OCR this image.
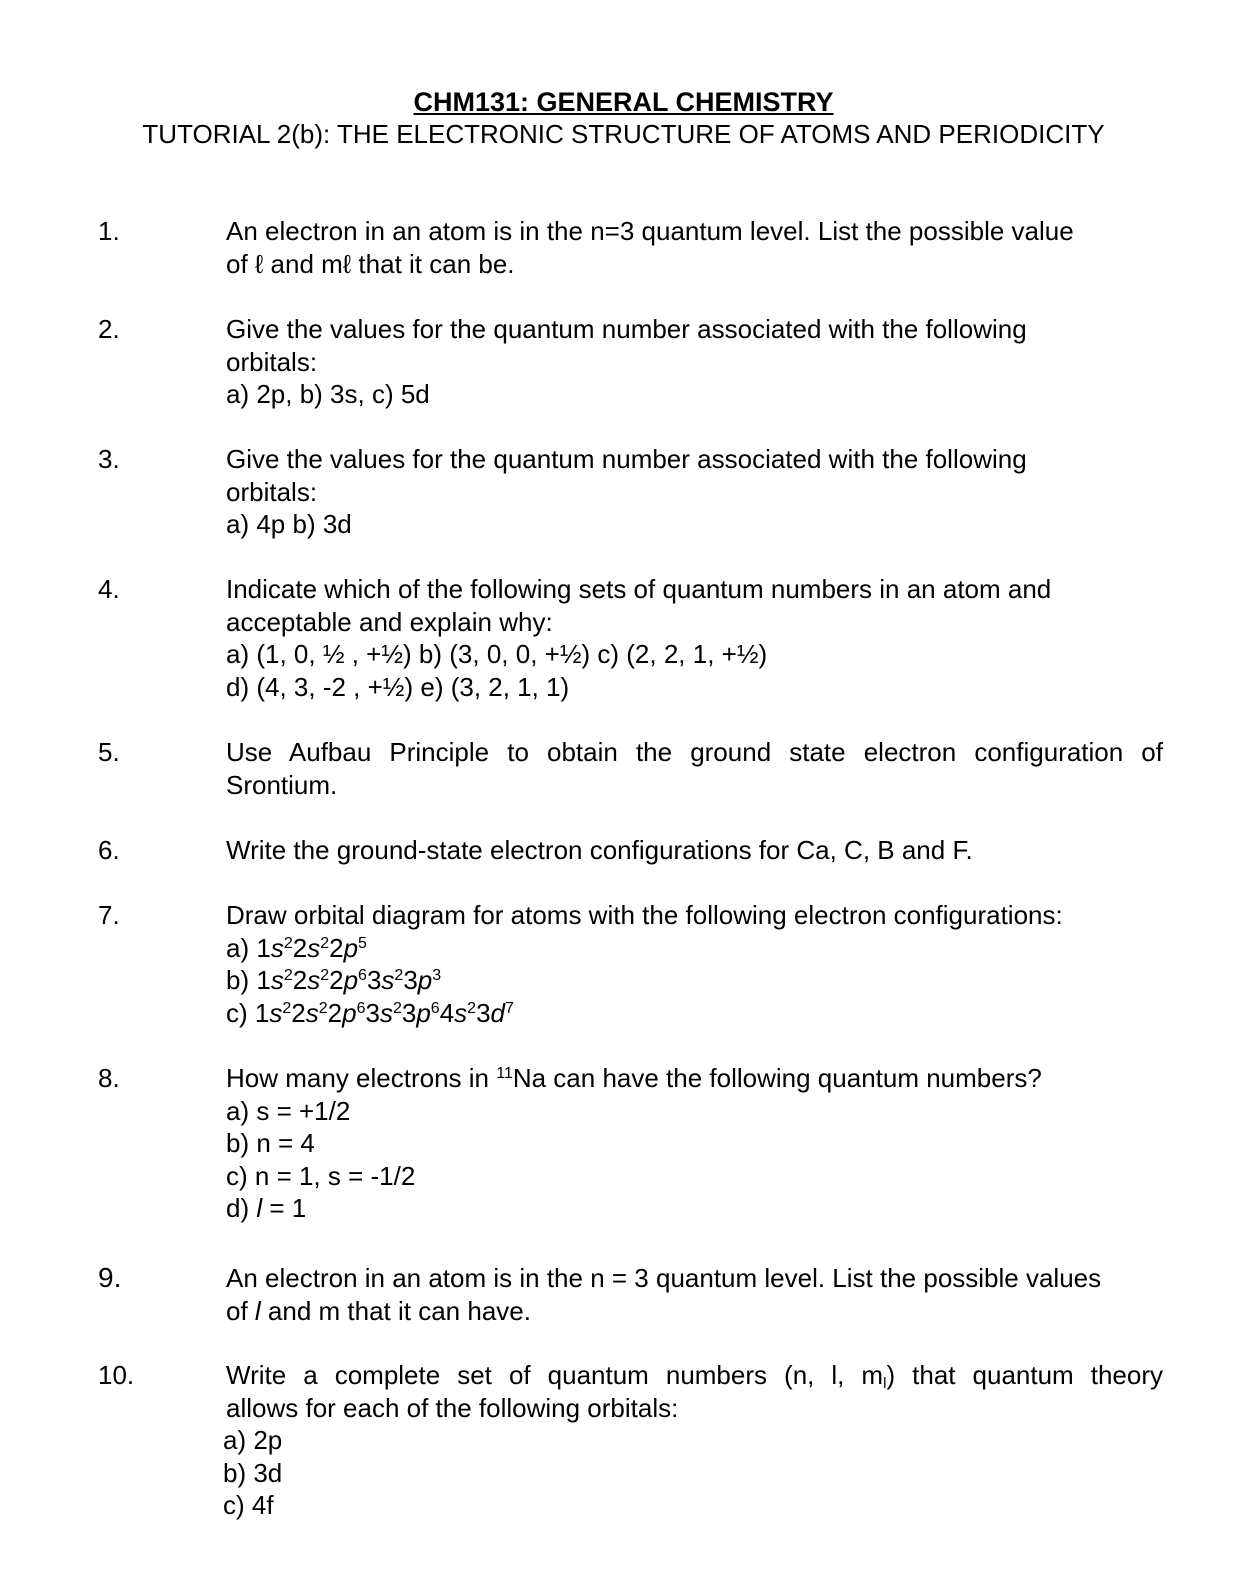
CHM131: GENERAL CHEMISTRY
TUTORIAL 2(b): THE ELECTRONIC STRUCTURE OF ATOMS AND PERIODICITY
1.	An electron in an atom is in the n=3 quantum level. List the possible value
of ℓ and mℓ that it can be.
2.	Give the values for the quantum number associated with the following
orbitals:
a) 2p, b) 3s, c) 5d
3.	Give the values for the quantum number associated with the following
orbitals:
a) 4p b) 3d
4.	Indicate which of the following sets of quantum numbers in an atom and
acceptable and explain why:
a) (1, 0, ½ , +½) b) (3, 0, 0, +½) c) (2, 2, 1, +½)
d) (4, 3, -2 , +½) e) (3, 2, 1, 1)
5.	Use Aufbau Principle to obtain the ground state electron configuration of
Srontium.
6.	Write the ground-state electron configurations for Ca, C, B and F.
7.	Draw orbital diagram for atoms with the following electron configurations:
a) $1s^22s^22p^5$
b) $1s^22s^22p^63s^23p^3$
c) $1s^22s^22p^63s^23p^64s^23d^7$
8.	How many electrons in $^{11}$Na can have the following quantum numbers?
a) s = +1/2
b) n = 4
c) n = 1, s = -1/2
d) l = 1
9.	An electron in an atom is in the n = 3 quantum level. List the possible values
of l and m that it can have.
10.	Write a complete set of quantum numbers (n, l, $m_l$) that quantum theory
allows for each of the following orbitals:
a) 2p
b) 3d
c) 4f
